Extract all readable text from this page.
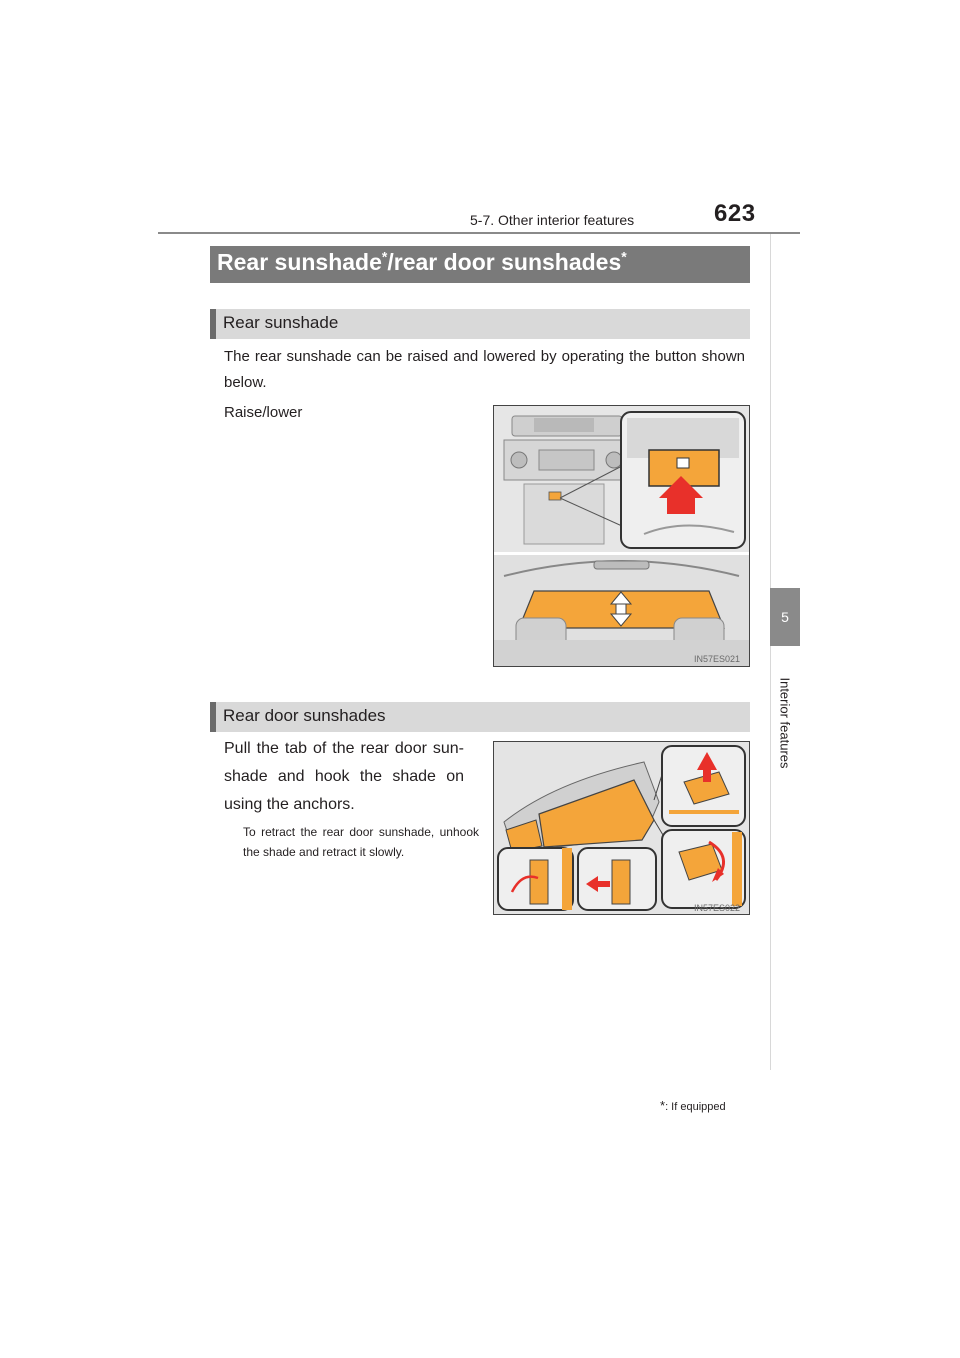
5-7. Other interior features	623
5
Interior features
Rear sunshade*/rear door sunshades*
Rear sunshade
The rear sunshade can be raised and lowered by operating the button shown below.
Raise/lower
IN57ES021
Rear door sunshades
Pull the tab of the rear door sun-shade and hook the shade on using the anchors.
To retract the rear door sunshade, unhook the shade and retract it slowly.
IN57ES022
*: If equipped
